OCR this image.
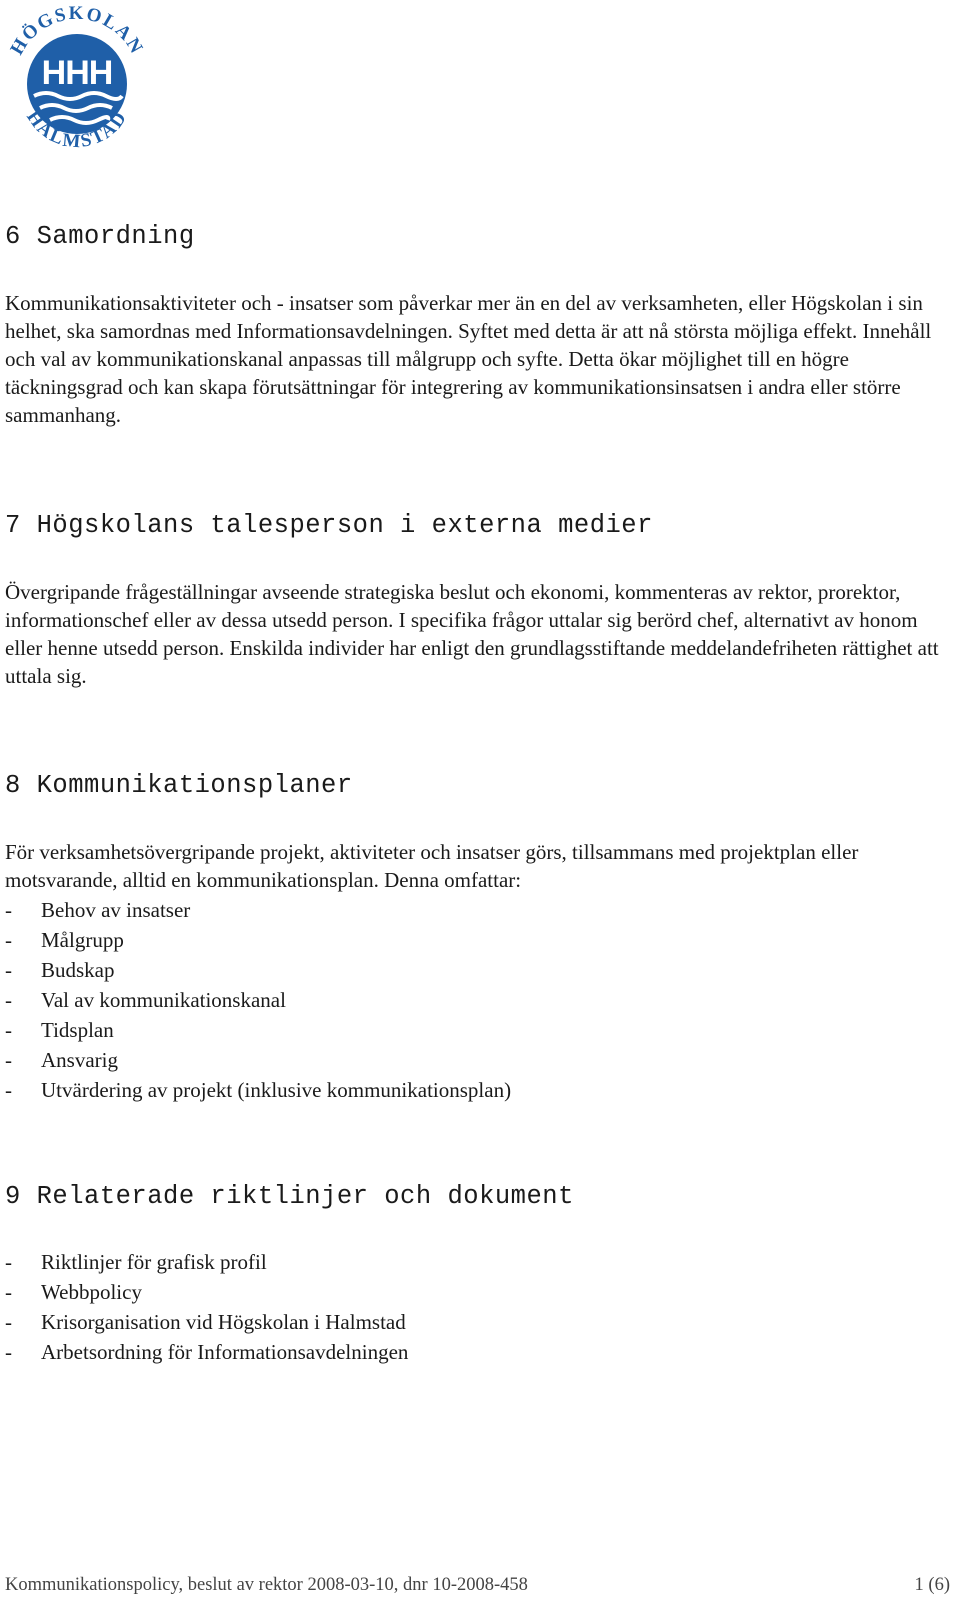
HÖGSKOLAN
HALMSTAD
HHH
6 Samordning

Kommunikationsaktiviteter och - insatser som påverkar mer än en del av verksamheten, eller Högskolan i sin helhet, ska samordnas med Informationsavdelningen. Syftet med detta är att nå största möjliga effekt. Innehåll och val av kommunikationskanal anpassas till målgrupp och syfte. Detta ökar möjlighet till en högre täckningsgrad och kan skapa förutsättningar för integrering av kommunikationsinsatsen i andra eller större sammanhang.

7 Högskolans talesperson i externa medier

Övergripande frågeställningar avseende strategiska beslut och ekonomi, kommenteras av rektor, prorektor, informationschef eller av dessa utsedd person. I specifika frågor uttalar sig berörd chef, alternativt av honom eller henne utsedd person. Enskilda individer har enligt den grundlagsstiftande meddelandefriheten rättighet att uttala sig.

8 Kommunikationsplaner

För verksamhetsövergripande projekt, aktiviteter och insatser görs, tillsammans med projektplan eller motsvarande, alltid en kommunikationsplan. Denna omfattar:

-	Behov av insatser
-	Målgrupp
-	Budskap
-	Val av kommunikationskanal
-	Tidsplan
-	Ansvarig
-	Utvärdering av projekt (inklusive kommunikationsplan)
9 Relaterade riktlinjer och dokument
-	Riktlinjer för grafisk profil
-	Webbpolicy
-	Krisorganisation vid Högskolan i Halmstad
-	Arbetsordning för Informationsavdelningen
Kommunikationspolicy, beslut av rektor 2008-03-10, dnr 10-2008-458	1 (6)
